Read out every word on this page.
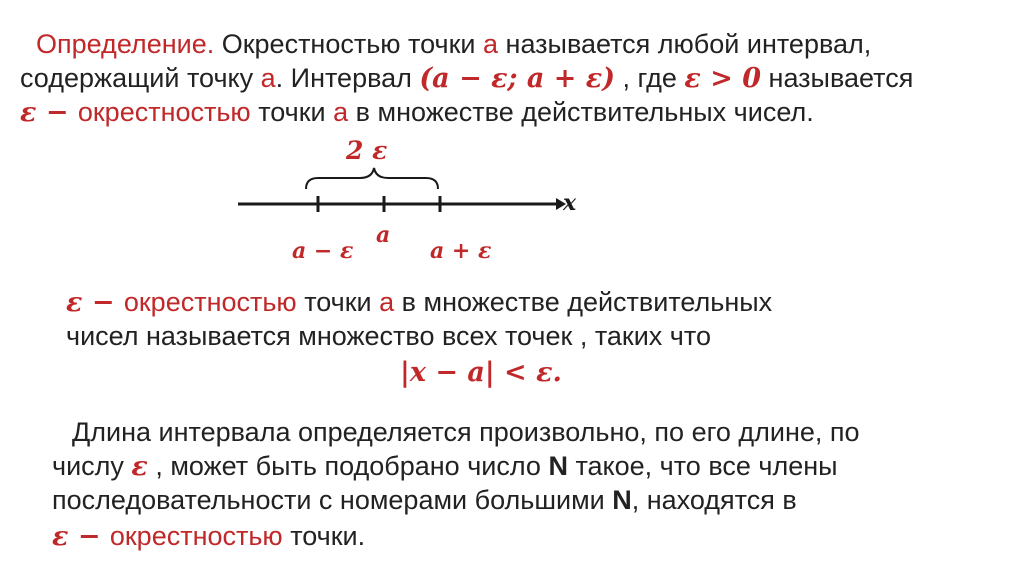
Определение. Окрестностью точки а называется любой интервал,
содержащий точку а. Интервал (a − ε; a + ε) , где ε > 0 называется
ε − окрестностью точки а в множестве действительных чисел.
2 ε
x
a − ε
a
a + ε
ε − окрестностью точки а в множестве действительных
чисел называется множество всех точек , таких что
|x − a| < ε.
Длина интервала определяется произвольно, по его длине, по
числу ε , может быть подобрано число N такое, что все члены
последовательности с номерами большими N, находятся в
ε − окрестностью точки.
